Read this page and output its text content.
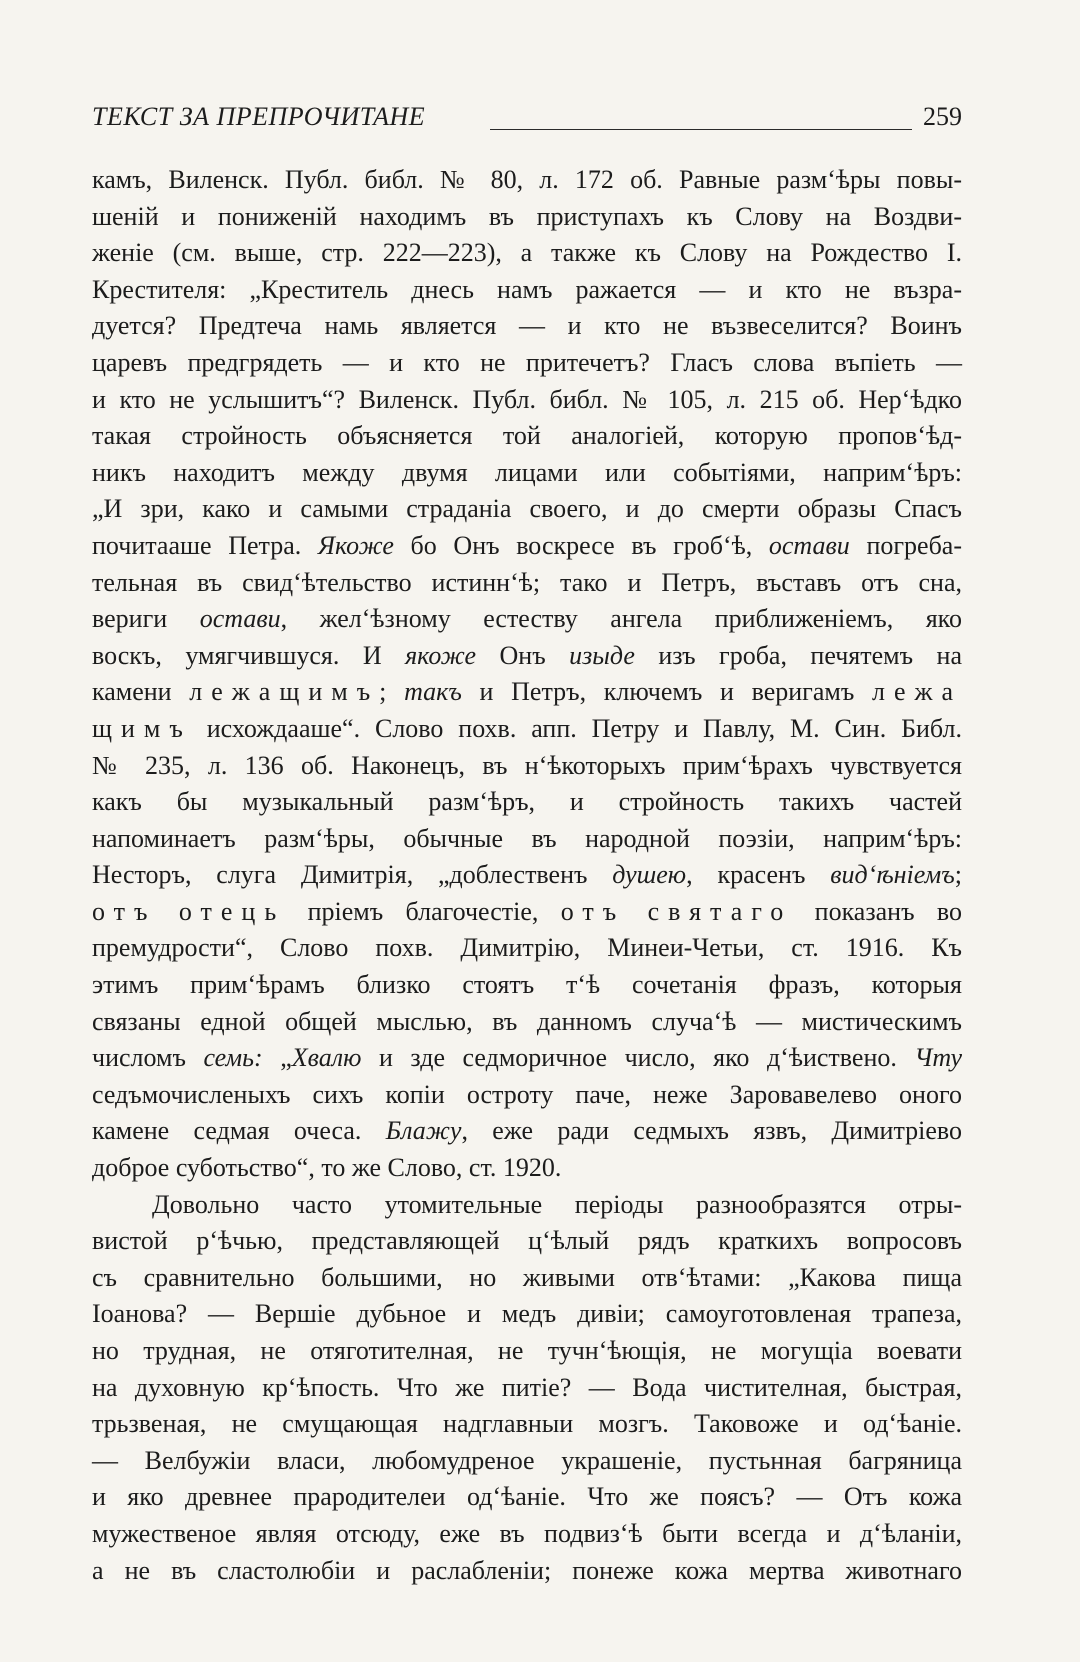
ТЕКСТ ЗА ПРЕПРОЧИТАНЕ	259
камъ, Виленск. Публ. библ. № 80, л. 172 об. Равные разм‘ѣры повы-
шеній и пониженій находимъ въ приступахъ къ Слову на Воздви-
женіе (см. выше, стр. 222—223), а также къ Слову на Рождество І.
Крестителя: „Креститель днесь намъ ражается — и кто не възра-
дуется? Предтеча намь является — и кто не възвеселится? Воинъ
царевъ предгрядеть — и кто не притечетъ? Гласъ слова въпіеть —
и кто не услышитъ“? Виленск. Публ. библ. № 105, л. 215 об. Нер‘ѣдко
такая стройность объясняется той аналогіей, которую пропов‘ѣд-
никъ находитъ между двумя лицами или событіями, наприм‘ѣръ:
„И зри, како и самыми страданіа своего, и до смерти образы Спасъ
почитааше Петра. Якоже бо Онъ воскресе въ гроб‘ѣ, остави погреба-
тельная въ свид‘ѣтельство истинн‘ѣ; тако и Петръ, въставъ отъ сна,
вериги остави, жел‘ѣзному естеству ангела приближеніемъ, яко
воскъ, умягчившуся. И якоже Онъ изыде изъ гроба, печятемъ на
камени лежащимъ; такъ и Петръ, ключемъ и веригамъ лежа
щимъ исхождааше“. Слово похв. апп. Петру и Павлу, М. Син. Библ.
№ 235, л. 136 об. Наконецъ, въ н‘ѣкоторыхъ прим‘ѣрахъ чувствуется
какъ бы музыкальный разм‘ѣръ, и стройность такихъ частей
напоминаетъ разм‘ѣры, обычные въ народной поэзіи, наприм‘ѣръ:
Несторъ, слуга Димитрія, „доблественъ душею, красенъ вид‘ѣніемъ;
отъ отець пріемъ благочестіе, отъ святаго показанъ во
премудрости“, Слово похв. Димитрію, Минеи-Четьи, ст. 1916. Къ
этимъ прим‘ѣрамъ близко стоятъ т‘ѣ сочетанія фразъ, которыя
связаны едной общей мыслью, въ данномъ случа‘ѣ — мистическимъ
числомъ семь: „Хвалю и зде седморичное число, яко д‘ѣиствено. Чту
седъмочисленыхъ сихъ копіи остроту паче, неже Зарoвавелево оного
камене седмая очеса. Блажу, еже ради седмыхъ язвъ, Димитріево
доброе суботьство“, то же Слово, ст. 1920.
Довольно часто утомительные періоды разнообразятся отры-
вистой р‘ѣчью, представляющей ц‘ѣлый рядъ краткихъ вопросовъ
съ сравнительно большими, но живыми отв‘ѣтами: „Какова пища
Іоанова? — Вершіе дубьное и медъ дивіи; самоуготовленая трапеза,
но трудная, не отяготителная, не тучн‘ѣющія, не могущіа воевати
на духовную кр‘ѣпость. Что же питіе? — Вода чистителная, быстрая,
трьзвеная, не смущающая надглавныи мозгъ. Таковоже и од‘ѣаніе.
— Велбужіи власи, любомудреное украшеніе, пустьнная багряница
и яко древнее прародителеи од‘ѣаніе. Что же поясъ? — Отъ кожа
мужественое являя отсюду, еже въ подвиз‘ѣ быти всегда и д‘ѣланіи,
а не въ сластолюбіи и раслабленіи; понеже кожа мертва животнаго
